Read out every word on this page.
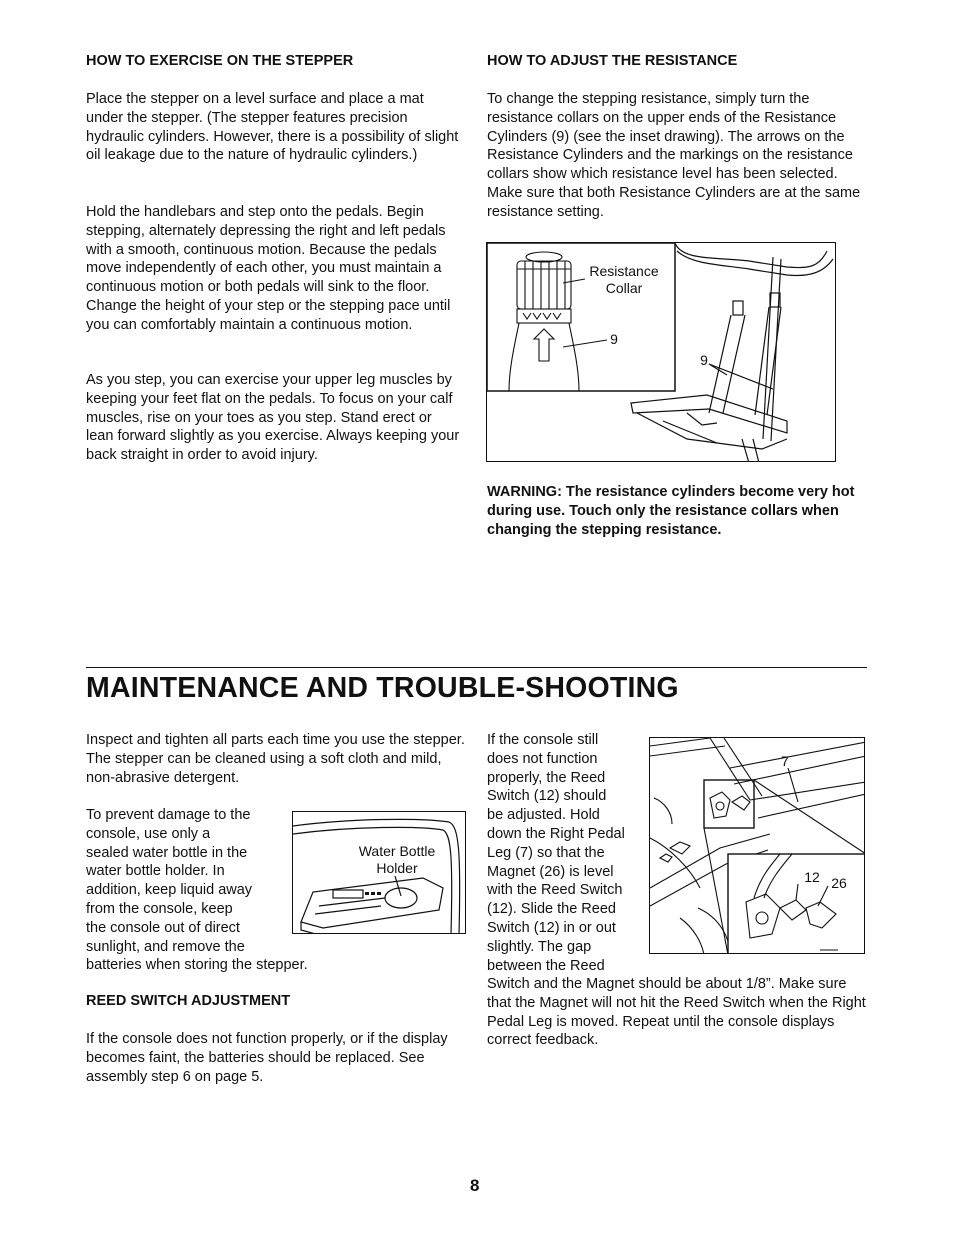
HOW TO EXERCISE ON THE STEPPER

Place the stepper on a level surface and place a mat under the stepper. (The stepper features precision hydraulic cylinders. However, there is a possibility of slight oil leakage due to the nature of hydraulic cylinders.)

Hold the handlebars and step onto the pedals. Begin stepping, alternately depressing the right and left pedals with a smooth, continuous motion. Because the pedals move independently of each other, you must maintain a continuous motion or both pedals will sink to the floor. Change the height of your step or the stepping pace until you can comfortably maintain a continuous motion.

As you step, you can exercise your upper leg muscles by keeping your feet flat on the pedals. To focus on your calf muscles, rise on your toes as you step. Stand erect or lean forward slightly as you exercise. Always keeping your back straight in order to avoid injury.

HOW TO ADJUST THE RESISTANCE

To change the stepping resistance, simply turn the resistance collars on the upper ends of the Resistance Cylinders (9) (see the inset drawing). The arrows on the Resistance Cylinders and the markings on the resistance collars show which resistance level has been selected. Make sure that both Resistance Cylinders are at the same resistance setting.

Resistance
Collar
9
9

WARNING: The resistance cylinders become very hot during use. Touch only the resistance collars when changing the stepping resistance.

MAINTENANCE AND TROUBLE-SHOOTING

Inspect and tighten all parts each time you use the stepper. The stepper can be cleaned using a soft cloth and mild, non-abrasive detergent.

To prevent damage to the
console, use only a
sealed water bottle in the
water bottle holder. In
addition, keep liquid away
from the console, keep
the console out of direct
sunlight, and remove the
batteries when storing the stepper.
Water Bottle
Holder
REED SWITCH ADJUSTMENT

If the console does not function properly, or if the display becomes faint, the batteries should be replaced. See assembly step 6 on page 5.

If the console still
does not function
properly, the Reed
Switch (12) should
be adjusted. Hold
down the Right Pedal
Leg (7) so that the
Magnet (26) is level
with the Reed Switch
(12). Slide the Reed
Switch (12) in or out
slightly. The gap
between the Reed

Switch and the Magnet should be about 1/8”. Make sure that the Magnet will not hit the Reed Switch when the Right Pedal Leg is moved. Repeat until the console displays correct feedback.

7
12 26
8
